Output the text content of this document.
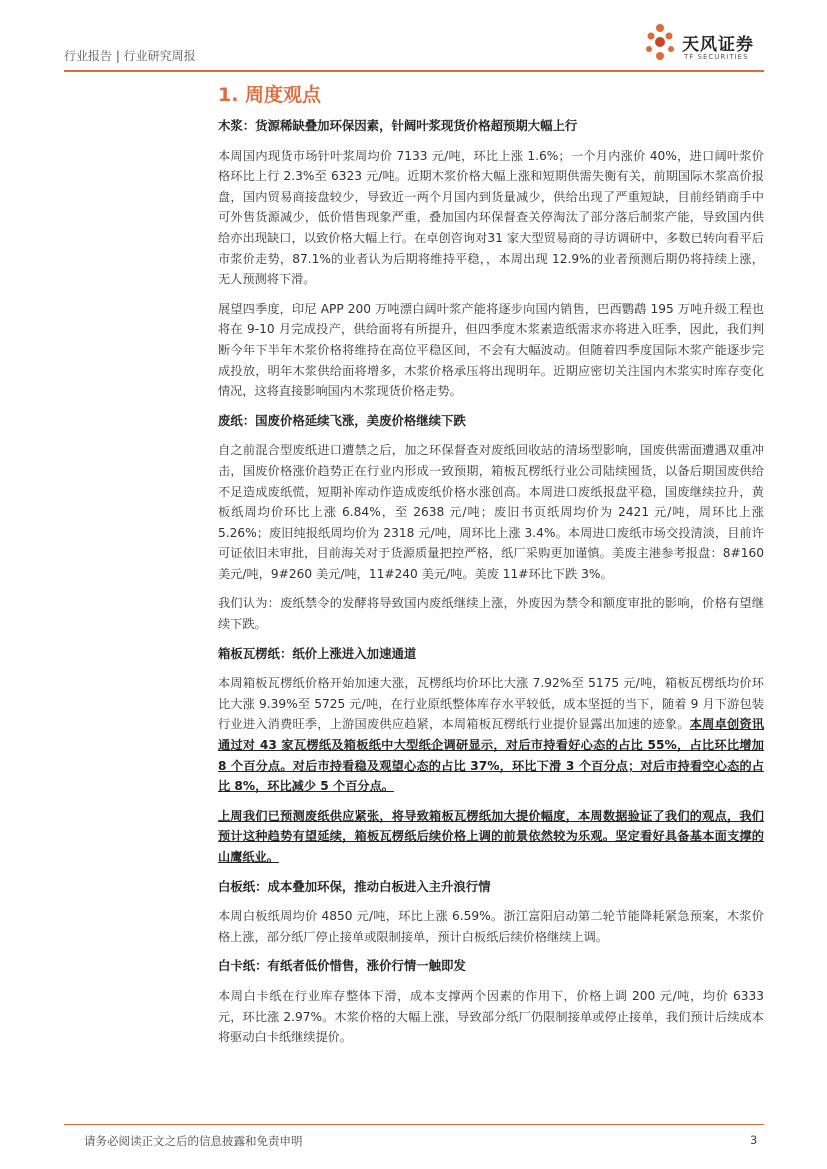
行业报告 | 行业研究周报
天风证券
TF SECURITIES
1. 周度观点
木浆：货源稀缺叠加环保因素，针阔叶浆现货价格超预期大幅上行

本周国内现货市场针叶浆周均价 7133 元/吨，环比上涨 1.6%；一个月内涨价 40%，进口阔叶浆价格环比上行 2.3%至 6323 元/吨。近期木浆价格大幅上涨和短期供需失衡有关，前期国际木浆高价报盘，国内贸易商接盘较少，导致近一两个月国内到货量减少，供给出现了严重短缺，目前经销商手中可外售货源减少，低价惜售现象严重，叠加国内环保督查关停淘汰了部分落后制浆产能，导致国内供给亦出现缺口，以致价格大幅上行。在卓创咨询对31 家大型贸易商的寻访调研中，多数已转向看平后市浆价走势，87.1%的业者认为后期将维持平稳，，本周出现 12.9%的业者预测后期仍将持续上涨，无人预测将下滑。

展望四季度，印尼 APP 200 万吨漂白阔叶浆产能将逐步向国内销售，巴西鹦鹉 195 万吨升级工程也将在 9-10 月完成投产，供给面将有所提升，但四季度木浆素造纸需求亦将进入旺季，因此，我们判断今年下半年木浆价格将维持在高位平稳区间，不会有大幅波动。但随着四季度国际木浆产能逐步完成投放，明年木浆供给面将增多，木浆价格承压将出现明年。近期应密切关注国内木浆实时库存变化情况，这将直接影响国内木浆现货价格走势。

废纸：国废价格延续飞涨，美废价格继续下跌

自之前混合型废纸进口遭禁之后，加之环保督查对废纸回收站的清场型影响，国废供需面遭遇双重冲击，国废价格涨价趋势正在行业内形成一致预期，箱板瓦楞纸行业公司陆续囤货，以备后期国废供给不足造成废纸慌，短期补库动作造成废纸价格水涨创高。本周进口废纸报盘平稳，国废继续拉升，黄板纸周均价环比上涨 6.84%，至 2638 元/吨；废旧书页纸周均价为 2421 元/吨，周环比上涨 5.26%；废旧纯报纸周均价为 2318 元/吨，周环比上涨 3.4%。本周进口废纸市场交投清淡，目前许可证依旧未审批，目前海关对于货源质量把控严格，纸厂采购更加谨慎。美废主港参考报盘：8#160 美元/吨，9#260 美元/吨，11#240 美元/吨。美废 11#环比下跌 3%。

我们认为：废纸禁令的发酵将导致国内废纸继续上涨，外废因为禁令和额度审批的影响，价格有望继续下跌。

箱板瓦楞纸：纸价上涨进入加速通道

本周箱板瓦楞纸价格开始加速大涨，瓦楞纸均价环比大涨 7.92%至 5175 元/吨，箱板瓦楞纸均价环比大涨 9.39%至 5725 元/吨，在行业原纸整体库存水平较低，成本坚挺的当下，随着 9 月下游包装行业进入消费旺季，上游国废供应趋紧，本周箱板瓦楞纸行业提价显露出加速的迹象。本周卓创资讯通过对 43 家瓦楞纸及箱板纸中大型纸企调研显示，对后市持看好心态的占比 55%，占比环比增加 8 个百分点。对后市持看稳及观望心态的占比 37%，环比下滑 3 个百分点；对后市持看空心态的占比 8%，环比减少 5 个百分点。

上周我们已预测废纸供应紧张，将导致箱板瓦楞纸加大提价幅度，本周数据验证了我们的观点，我们预计这种趋势有望延续，箱板瓦楞纸后续价格上调的前景依然较为乐观。坚定看好具备基本面支撑的山鹰纸业。

白板纸：成本叠加环保，推动白板进入主升浪行情

本周白板纸周均价 4850 元/吨，环比上涨 6.59%。浙江富阳启动第二轮节能降耗紧急预案，木浆价格上涨，部分纸厂停止接单或限制接单，预计白板纸后续价格继续上调。

白卡纸：有纸者低价惜售，涨价行情一触即发

本周白卡纸在行业库存整体下滑，成本支撑两个因素的作用下，价格上调 200 元/吨，均价 6333 元，环比涨 2.97%。木浆价格的大幅上涨，导致部分纸厂仍限制接单或停止接单，我们预计后续成本将驱动白卡纸继续提价。

请务必阅读正文之后的信息披露和免责申明	3
